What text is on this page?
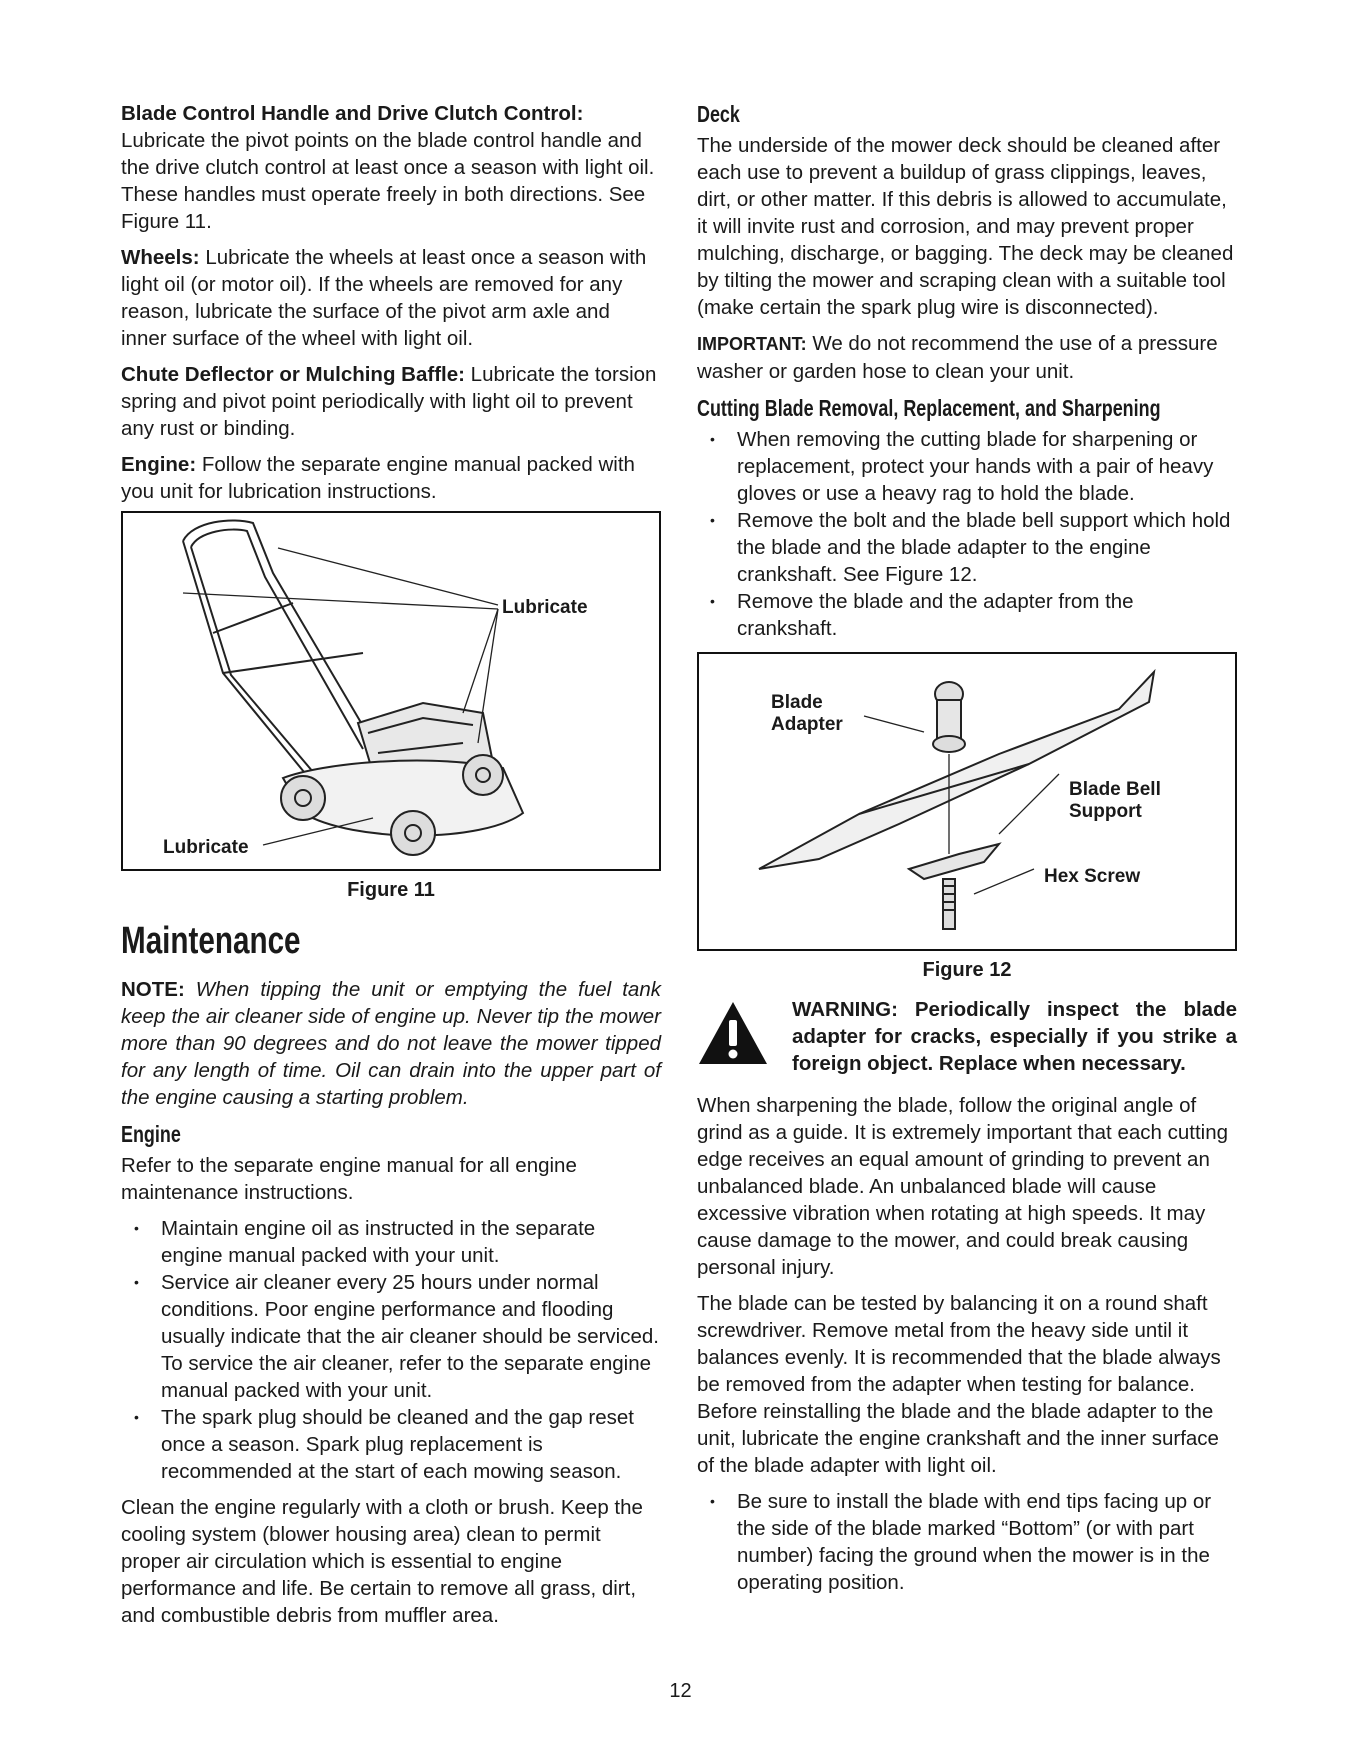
Blade Control Handle and Drive Clutch Control:
Lubricate the pivot points on the blade control handle and the drive clutch control at least once a season with light oil. These handles must operate freely in both directions. See Figure 11.

Wheels: Lubricate the wheels at least once a season with light oil (or motor oil). If the wheels are removed for any reason, lubricate the surface of the pivot arm axle and inner surface of the wheel with light oil.

Chute Deflector or Mulching Baffle: Lubricate the torsion spring and pivot point periodically with light oil to prevent any rust or binding.

Engine: Follow the separate engine manual packed with you unit for lubrication instructions.

Lubricate
Lubricate
Figure 11
Maintenance

NOTE: When tipping the unit or emptying the fuel tank keep the air cleaner side of engine up. Never tip the mower more than 90 degrees and do not leave the mower tipped for any length of time. Oil can drain into the upper part of the engine causing a starting problem.

Engine

Refer to the separate engine manual for all engine maintenance instructions.

• Maintain engine oil as instructed in the separate engine manual packed with your unit.
• Service air cleaner every 25 hours under normal conditions. Poor engine performance and flooding usually indicate that the air cleaner should be serviced. To service the air cleaner, refer to the separate engine manual packed with your unit.
• The spark plug should be cleaned and the gap reset once a season. Spark plug replacement is recommended at the start of each mowing season.

Clean the engine regularly with a cloth or brush. Keep the cooling system (blower housing area) clean to permit proper air circulation which is essential to engine performance and life. Be certain to remove all grass, dirt, and combustible debris from muffler area.

Deck

The underside of the mower deck should be cleaned after each use to prevent a buildup of grass clippings, leaves, dirt, or other matter. If this debris is allowed to accumulate, it will invite rust and corrosion, and may prevent proper mulching, discharge, or bagging. The deck may be cleaned by tilting the mower and scraping clean with a suitable tool (make certain the spark plug wire is disconnected).

IMPORTANT: We do not recommend the use of a pressure washer or garden hose to clean your unit.

Cutting Blade Removal, Replacement, and Sharpening
• When removing the cutting blade for sharpening or replacement, protect your hands with a pair of heavy gloves or use a heavy rag to hold the blade.
• Remove the bolt and the blade bell support which hold the blade and the blade adapter to the engine crankshaft. See Figure 12.
• Remove the blade and the adapter from the crankshaft.
Blade
Adapter
Blade Bell
Support
Hex Screw
Figure 12
WARNING: Periodically inspect the blade adapter for cracks, especially if you strike a foreign object. Replace when necessary.

When sharpening the blade, follow the original angle of grind as a guide. It is extremely important that each cutting edge receives an equal amount of grinding to prevent an unbalanced blade. An unbalanced blade will cause excessive vibration when rotating at high speeds. It may cause damage to the mower, and could break causing personal injury.

The blade can be tested by balancing it on a round shaft screwdriver. Remove metal from the heavy side until it balances evenly. It is recommended that the blade always be removed from the adapter when testing for balance. Before reinstalling the blade and the blade adapter to the unit, lubricate the engine crankshaft and the inner surface of the blade adapter with light oil.

• Be sure to install the blade with end tips facing up or the side of the blade marked “Bottom” (or with part number) facing the ground when the mower is in the operating position.
12
